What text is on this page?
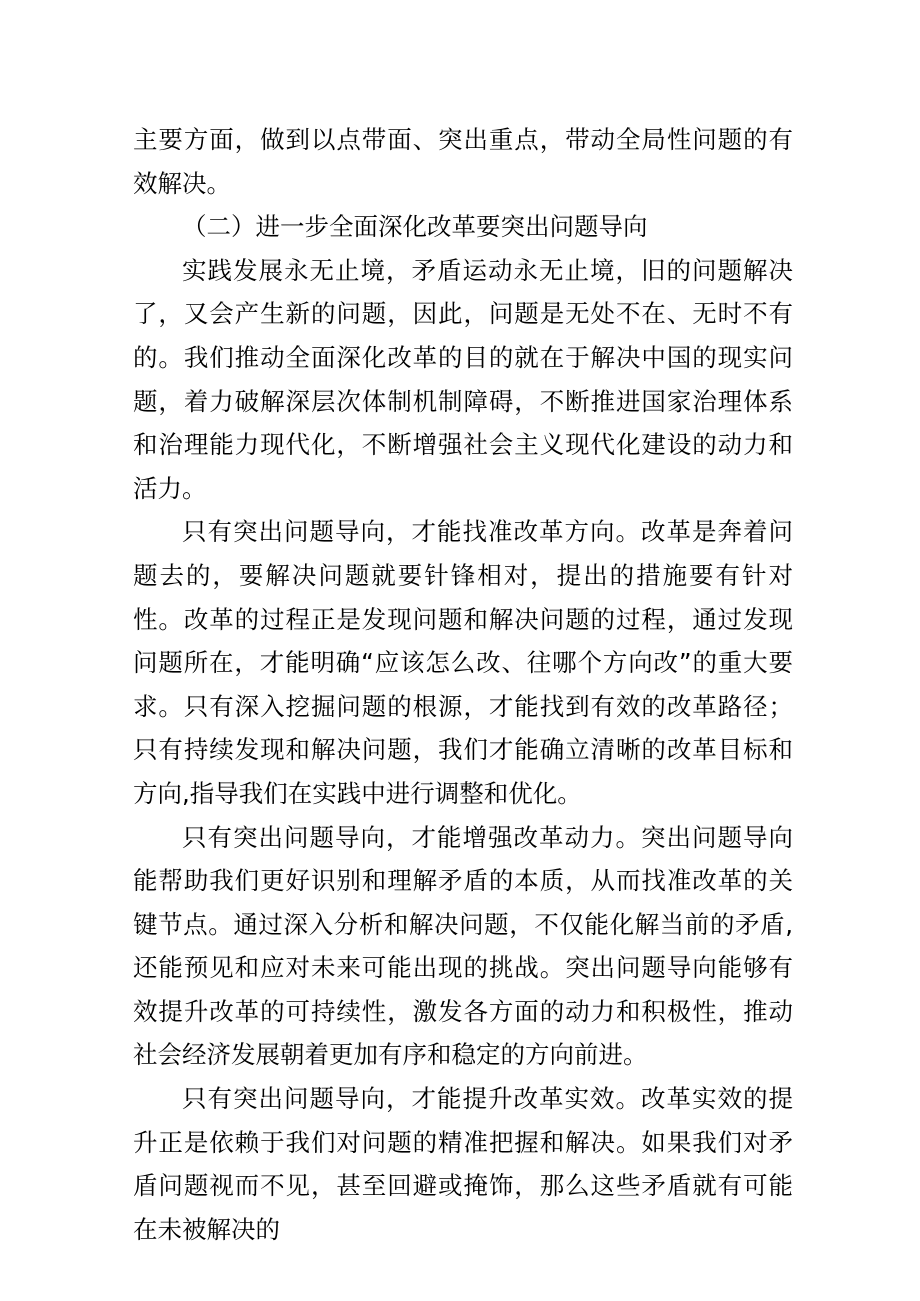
主要方面，做到以点带面、突出重点，带动全局性问题的有效解决。

（二）进一步全面深化改革要突出问题导向

实践发展永无止境，矛盾运动永无止境，旧的问题解决了，又会产生新的问题，因此，问题是无处不在、无时不有的。我们推动全面深化改革的目的就在于解决中国的现实问题，着力破解深层次体制机制障碍，不断推进国家治理体系和治理能力现代化，不断增强社会主义现代化建设的动力和活力。

只有突出问题导向，才能找准改革方向。改革是奔着问题去的，要解决问题就要针锋相对，提出的措施要有针对性。改革的过程正是发现问题和解决问题的过程，通过发现问题所在，才能明确“应该怎么改、往哪个方向改”的重大要求。只有深入挖掘问题的根源，才能找到有效的改革路径；只有持续发现和解决问题，我们才能确立清晰的改革目标和方向,指导我们在实践中进行调整和优化。

只有突出问题导向，才能增强改革动力。突出问题导向能帮助我们更好识别和理解矛盾的本质，从而找准改革的关键节点。通过深入分析和解决问题，不仅能化解当前的矛盾,还能预见和应对未来可能出现的挑战。突出问题导向能够有效提升改革的可持续性，激发各方面的动力和积极性，推动社会经济发展朝着更加有序和稳定的方向前进。

只有突出问题导向，才能提升改革实效。改革实效的提升正是依赖于我们对问题的精准把握和解决。如果我们对矛盾问题视而不见，甚至回避或掩饰，那么这些矛盾就有可能在未被解决的
